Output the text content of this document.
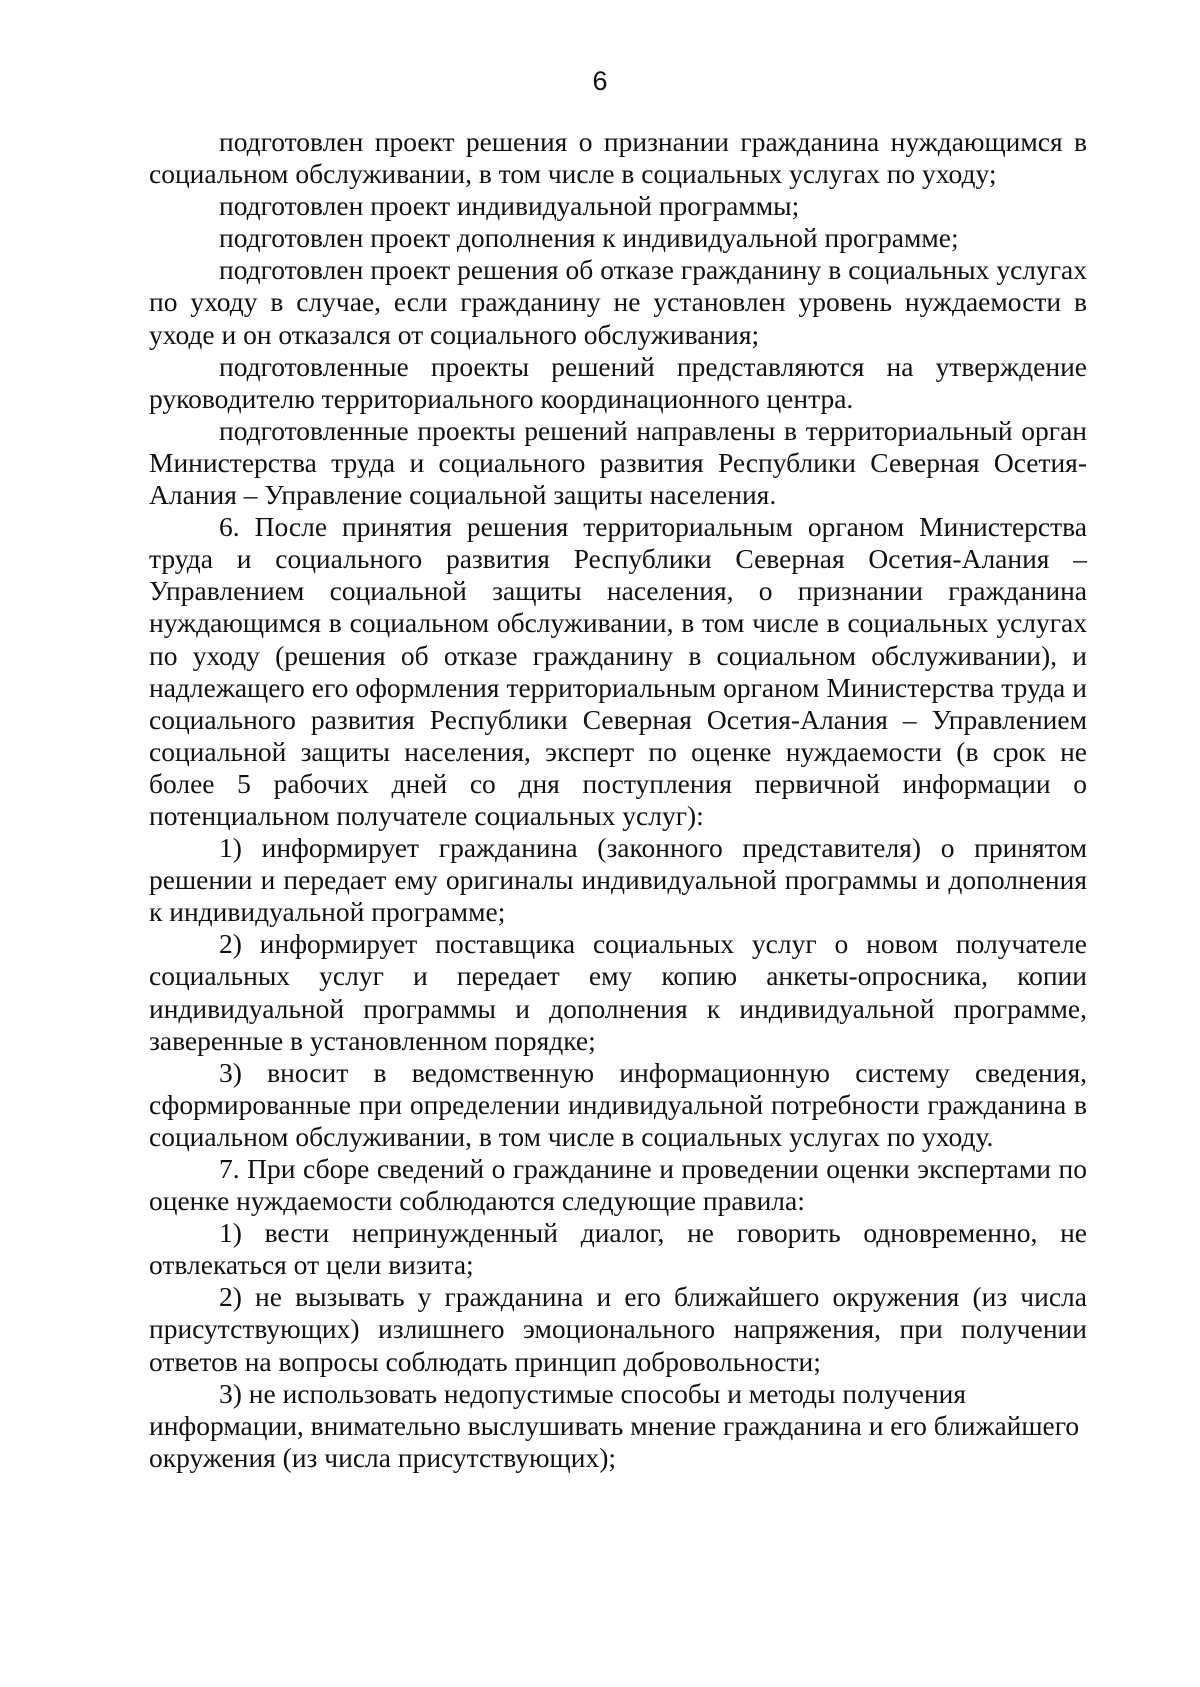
6

подготовлен проект решения о признании гражданина нуждающимся в социальном обслуживании, в том числе в социальных услугах по уходу;

подготовлен проект индивидуальной программы;

подготовлен проект дополнения к индивидуальной программе;

подготовлен проект решения об отказе гражданину в социальных услугах по уходу в случае, если гражданину не установлен уровень нуждаемости в уходе и он отказался от социального обслуживания;

подготовленные проекты решений представляются на утверждение руководителю территориального координационного центра.

подготовленные проекты решений направлены в территориальный орган Министерства труда и социального развития Республики Северная Осетия-Алания – Управление социальной защиты населения.

6. После принятия решения территориальным органом Министерства труда и социального развития Республики Северная Осетия-Алания – Управлением социальной защиты населения, о признании гражданина нуждающимся в социальном обслуживании, в том числе в социальных услугах по уходу (решения об отказе гражданину в социальном обслуживании), и надлежащего его оформления территориальным органом Министерства труда и социального развития Республики Северная Осетия-Алания – Управлением социальной защиты населения, эксперт по оценке нуждаемости (в срок не более 5 рабочих дней со дня поступления первичной информации о потенциальном получателе социальных услуг):

1) информирует гражданина (законного представителя) о принятом решении и передает ему оригиналы индивидуальной программы и дополнения к индивидуальной программе;

2) информирует поставщика социальных услуг о новом получателе социальных услуг и передает ему копию анкеты-опросника, копии индивидуальной программы и дополнения к индивидуальной программе, заверенные в установленном порядке;

3) вносит в ведомственную информационную систему сведения, сформированные при определении индивидуальной потребности гражданина в социальном обслуживании, в том числе в социальных услугах по уходу.

7. При сборе сведений о гражданине и проведении оценки экспертами по оценке нуждаемости соблюдаются следующие правила:

1) вести непринужденный диалог, не говорить одновременно, не отвлекаться от цели визита;

2) не вызывать у гражданина и его ближайшего окружения (из числа присутствующих) излишнего эмоционального напряжения, при получении ответов на вопросы соблюдать принцип добровольности;

3) не использовать недопустимые способы и методы получения информации, внимательно выслушивать мнение гражданина и его ближайшего окружения (из числа присутствующих);
